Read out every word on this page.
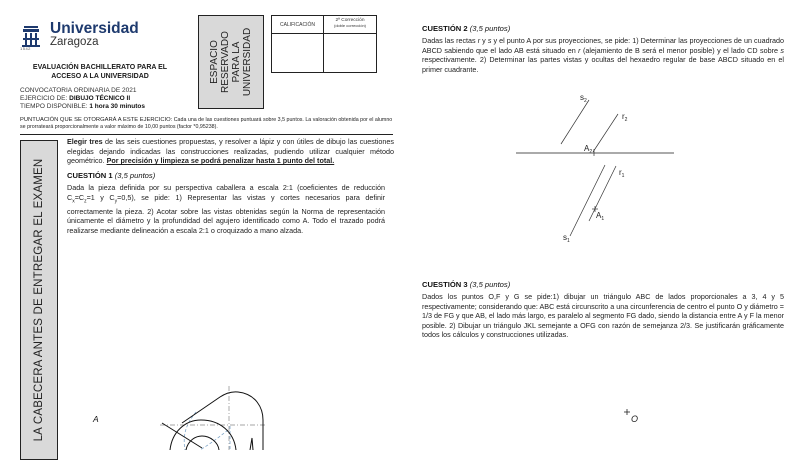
1542
Universidad
Zaragoza
EVALUACIÓN BACHILLERATO PARA EL
ACCESO A LA UNIVERSIDAD
CONVOCATORIA ORDINARIA DE 2021
EJERCICIO DE: DIBUJO TÉCNICO II
TIEMPO DISPONIBLE: 1 hora 30 minutos
ESPACIO RESERVADO PARA LA UNIVERSIDAD
CALIFICACIÓN
2ª Corrección
(doble corrección)
PUNTUACIÓN QUE SE OTORGARÁ A ESTE EJERCICIO: Cada una de las cuestiones puntuará sobre 3,5 puntos. La valoración obtenida por el alumno se prorrateará proporcionalmente a valor máximo de 10,00 puntos (factor *0,95238).
LA CABECERA ANTES DE ENTREGAR EL EXAMEN
Elegir tres de las seis cuestiones propuestas, y resolver a lápiz y con útiles de dibujo las cuestiones elegidas dejando indicadas las construcciones realizadas, pudiendo utilizar cualquier método geométrico. Por precisión y limpieza se podrá penalizar hasta 1 punto del total.
CUESTIÓN 1 (3,5 puntos)
Dada la pieza definida por su perspectiva caballera a escala 2:1 (coeficientes de reducción $C_x=C_z=1$ y $C_y=0,5$), se pide: 1) Representar las vistas y cortes necesarios para definir correctamente la pieza. 2) Acotar sobre las vistas obtenidas según la Norma de representación únicamente el diámetro y la profundidad del agujero identificado como A. Todo el trazado podrá realizarse mediante delineación a escala 2:1 o croquizado a mano alzada.
A
CUESTIÓN 2 (3,5 puntos)
Dadas las rectas r y s y el punto A por sus proyecciones, se pide: 1) Determinar las proyecciones de un cuadrado ABCD sabiendo que el lado AB está situado en r (alejamiento de B será el menor posible) y el lado CD sobre s respectivamente. 2) Determinar las partes vistas y ocultas del hexaedro regular de base ABCD situado en el primer cuadrante.
$s_2$
$r_2$
$A_2$
$r_1$
$A_1$
$s_1$
CUESTIÓN 3 (3,5 puntos)
Dados los puntos O,F y G se pide:1) dibujar un triángulo ABC de lados proporcionales a 3, 4 y 5 respectivamente; considerando que: ABC está circunscrito a una circunferencia de centro el punto O y diámetro = 1/3 de FG y que AB, el lado más largo, es paralelo al segmento FG dado, siendo la distancia entre A y F la menor posible. 2) Dibujar un triángulo JKL semejante a OFG con razón de semejanza 2/3. Se justificarán gráficamente todos los cálculos y construcciones utilizadas.
O
